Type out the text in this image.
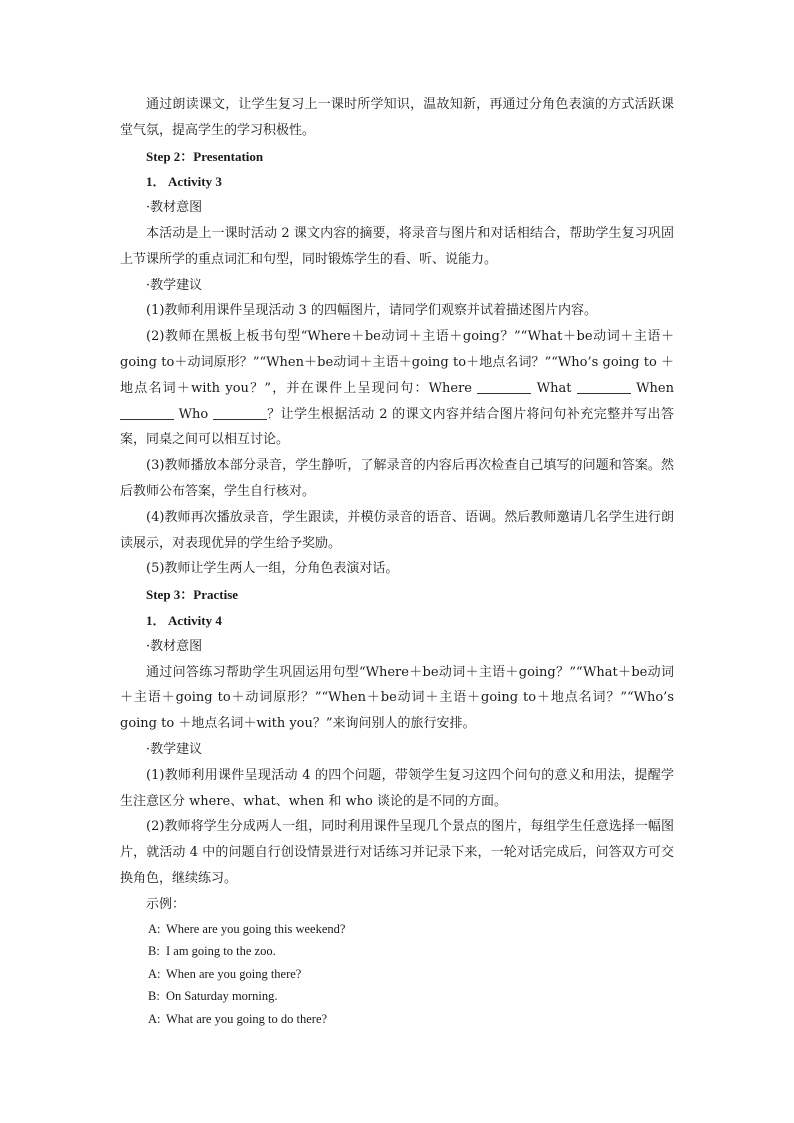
通过朗读课文，让学生复习上一课时所学知识，温故知新，再通过分角色表演的方式活跃课堂气氛，提高学生的学习积极性。

Step 2：Presentation

1． Activity 3

·教材意图

本活动是上一课时活动 2 课文内容的摘要，将录音与图片和对话相结合，帮助学生复习巩固上节课所学的重点词汇和句型，同时锻炼学生的看、听、说能力。

·教学建议

(1)教师利用课件呈现活动 3 的四幅图片，请同学们观察并试着描述图片内容。

(2)教师在黑板上板书句型“Where＋be动词＋主语＋going？”“What＋be动词＋主语＋going to＋动词原形？”“When＋be动词＋主语＋going to＋地点名词？”“Who’s going to ＋地点名词＋with you？”，并在课件上呈现问句：Where	What	When  Who	？让学生根据活动 2 的课文内容并结合图片将问句补充完整并写出答案，同桌之间可以相互讨论。

(3)教师播放本部分录音，学生静听，了解录音的内容后再次检查自己填写的问题和答案。然后教师公布答案，学生自行核对。

(4)教师再次播放录音，学生跟读，并模仿录音的语音、语调。然后教师邀请几名学生进行朗读展示，对表现优异的学生给予奖励。

(5)教师让学生两人一组，分角色表演对话。

Step 3：Practise

1． Activity 4

·教材意图

通过问答练习帮助学生巩固运用句型“Where＋be动词＋主语＋going？”“What＋be动词＋主语＋going to＋动词原形？”“When＋be动词＋主语＋going to＋地点名词？”“Who’s going to ＋地点名词＋with you？”来询问别人的旅行安排。

·教学建议

(1)教师利用课件呈现活动 4 的四个问题，带领学生复习这四个问句的意义和用法，提醒学生注意区分 where、what、when 和 who 谈论的是不同的方面。

(2)教师将学生分成两人一组，同时利用课件呈现几个景点的图片，每组学生任意选择一幅图片，就活动 4 中的问题自行创设情景进行对话练习并记录下来，一轮对话完成后，问答双方可交换角色，继续练习。

示例：

A: Where are you going this weekend?

B: I am going to the zoo.

A: When are you going there?

B: On Saturday morning.

A: What are you going to do there?
